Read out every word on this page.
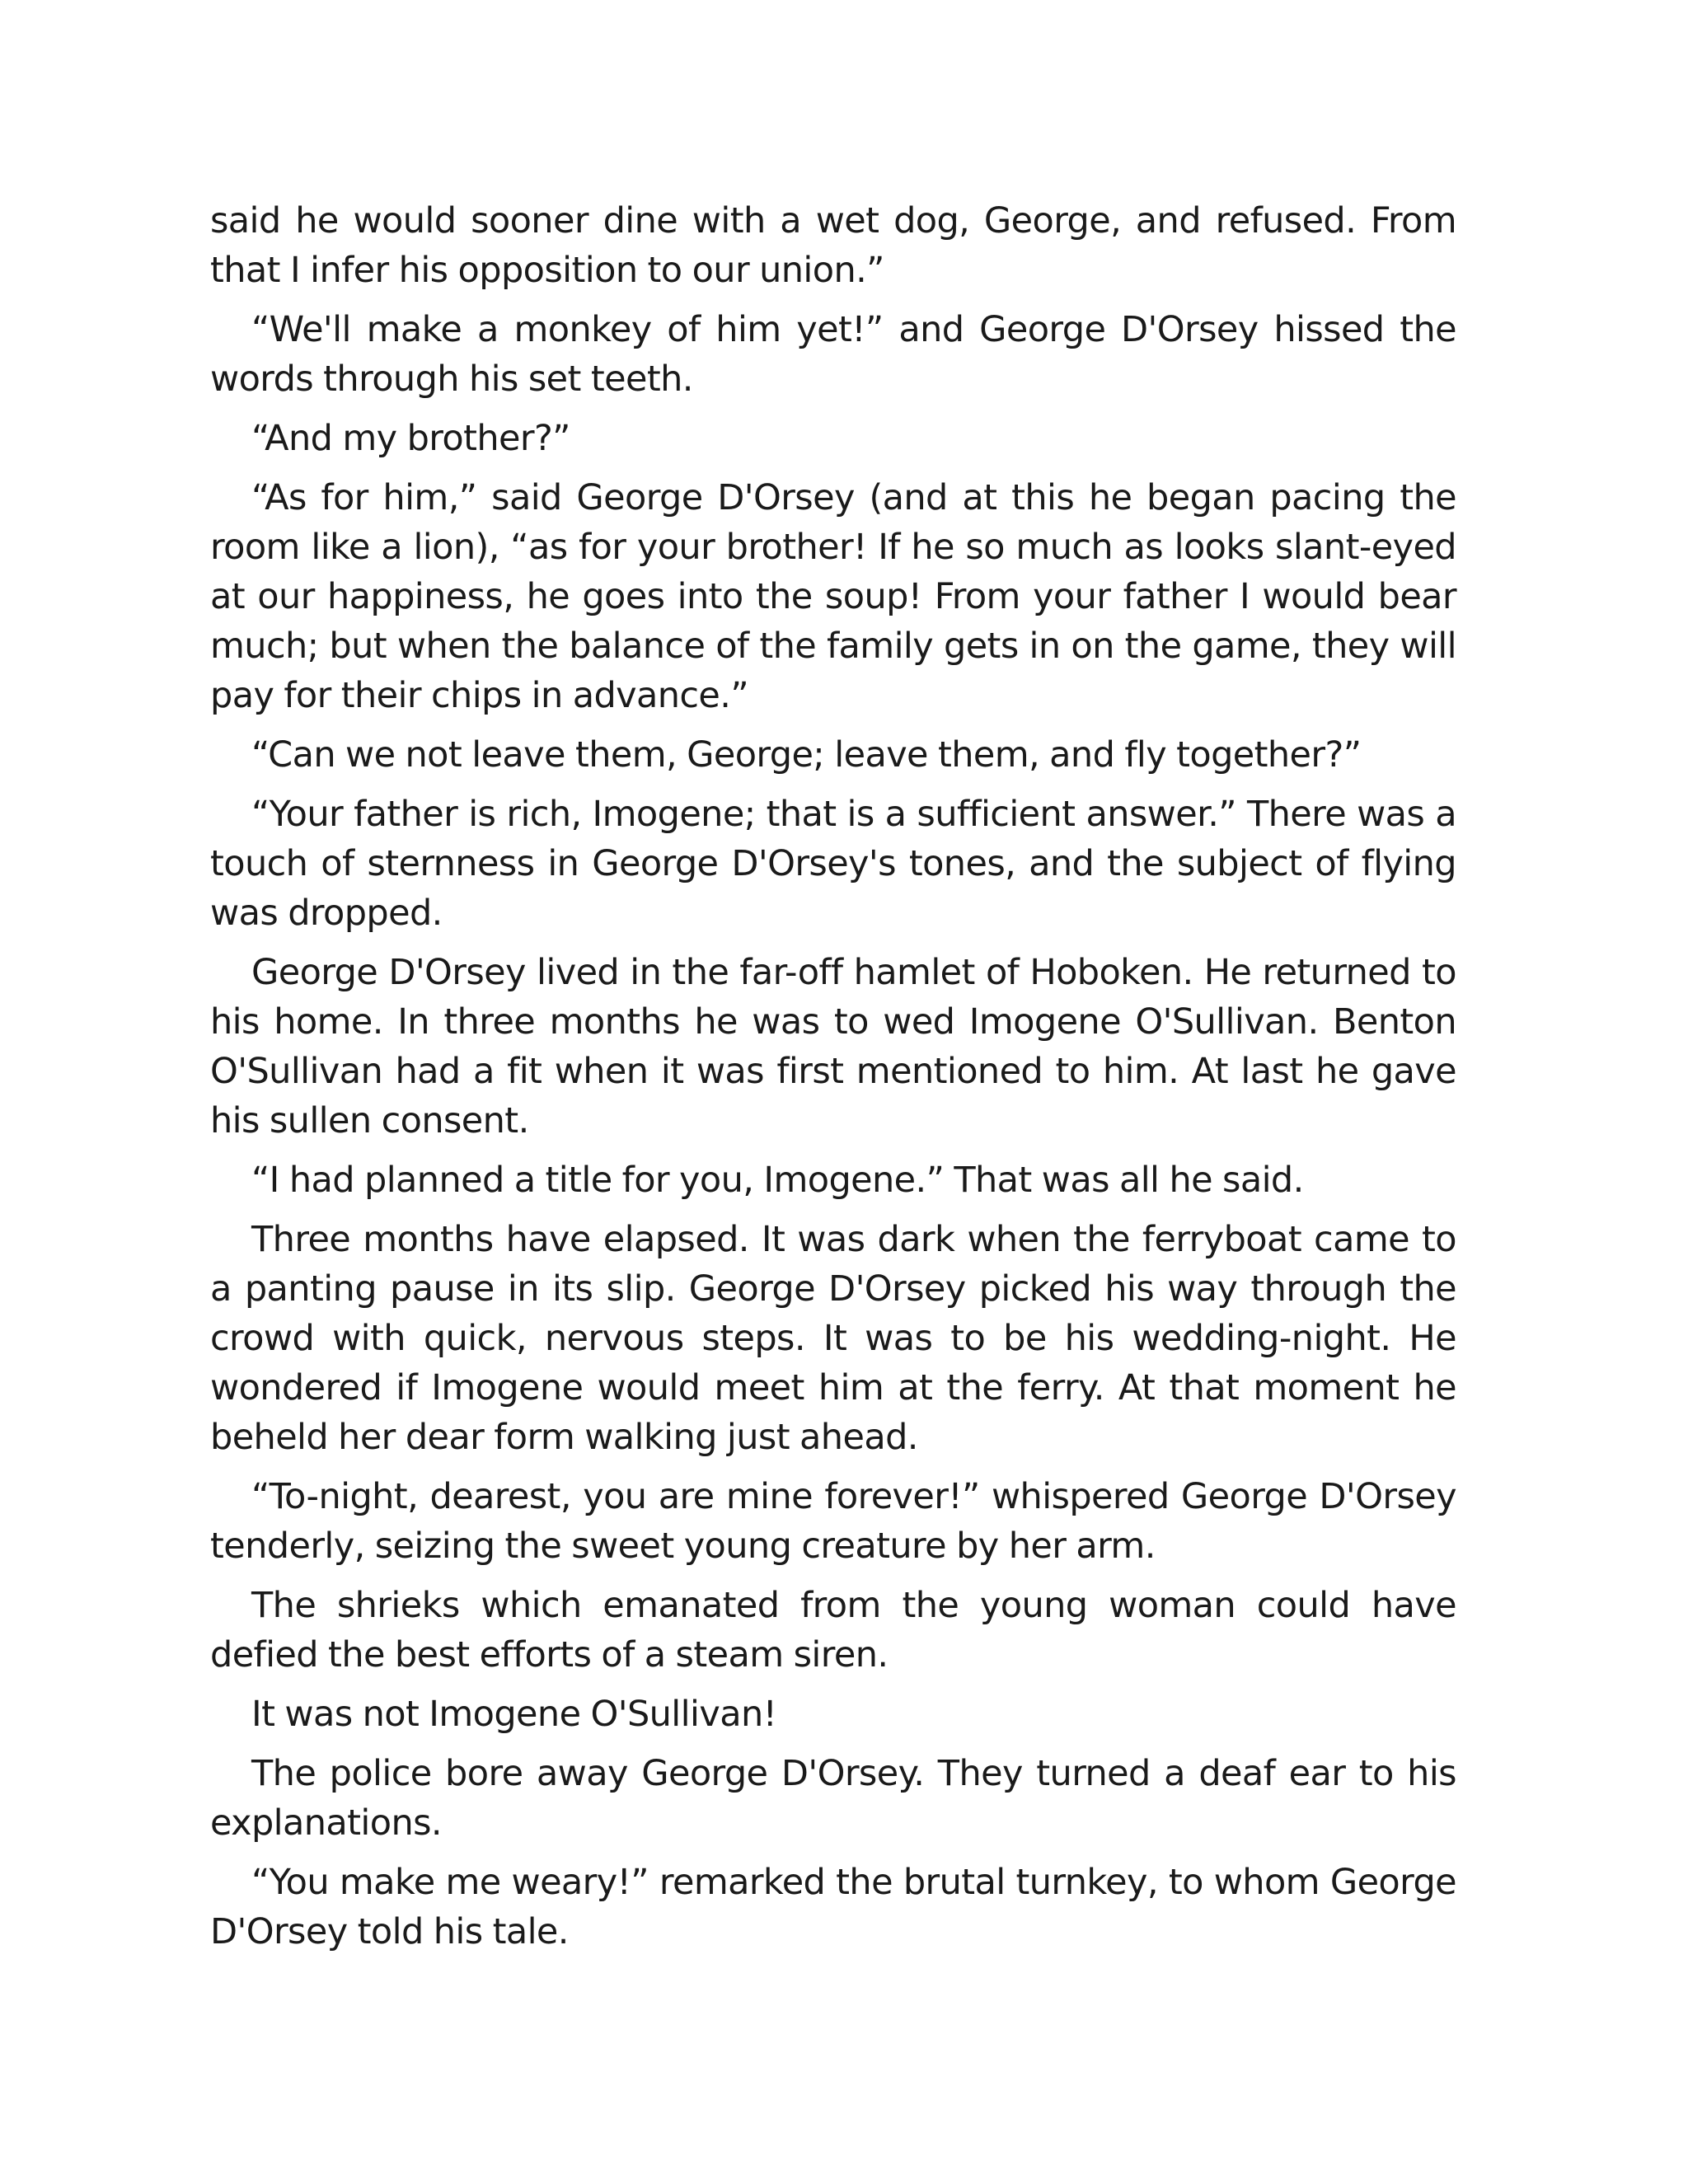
said he would sooner dine with a wet dog, George, and refused. From that I infer his opposition to our union.”

“We'll make a monkey of him yet!” and George D'Orsey hissed the words through his set teeth.

“And my brother?”

“As for him,” said George D'Orsey (and at this he began pacing the room like a lion), “as for your brother! If he so much as looks slant-eyed at our happiness, he goes into the soup! From your father I would bear much; but when the balance of the family gets in on the game, they will pay for their chips in advance.”

“Can we not leave them, George; leave them, and fly together?”

“Your father is rich, Imogene; that is a sufficient answer.” There was a touch of sternness in George D'Orsey's tones, and the subject of flying was dropped.

George D'Orsey lived in the far-off hamlet of Hoboken. He returned to his home. In three months he was to wed Imogene O'Sullivan. Benton O'Sullivan had a fit when it was first mentioned to him. At last he gave his sullen consent.

“I had planned a title for you, Imogene.” That was all he said.

Three months have elapsed. It was dark when the ferryboat came to a panting pause in its slip. George D'Orsey picked his way through the crowd with quick, nervous steps. It was to be his wedding-night. He wondered if Imogene would meet him at the ferry. At that moment he beheld her dear form walking just ahead.

“To-night, dearest, you are mine forever!” whispered George D'Orsey tenderly, seizing the sweet young creature by her arm.

The shrieks which emanated from the young woman could have defied the best efforts of a steam siren.

It was not Imogene O'Sullivan!

The police bore away George D'Orsey. They turned a deaf ear to his explanations.

“You make me weary!” remarked the brutal turnkey, to whom George D'Orsey told his tale.
